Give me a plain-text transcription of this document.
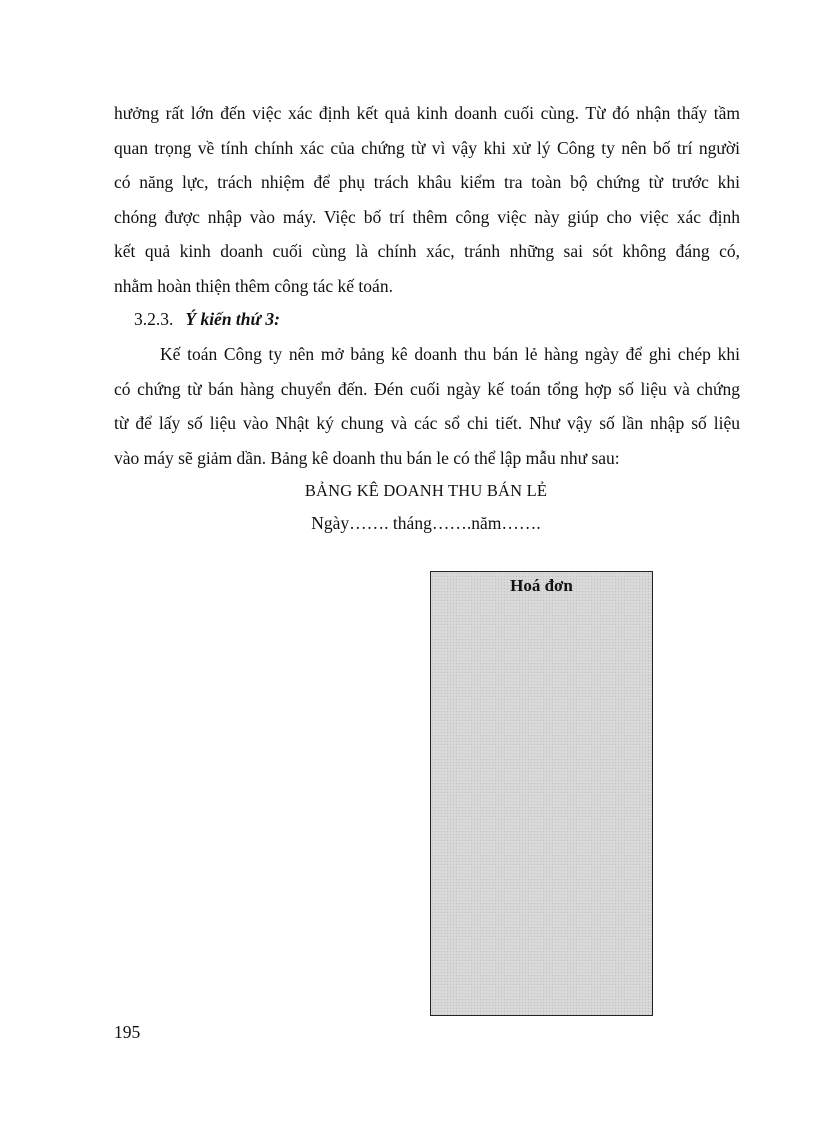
hưởng rất lớn đến việc xác định kết quả kinh doanh cuối cùng. Từ đó nhận thấy tầm
quan trọng về tính chính xác của chứng từ vì vậy khi xử lý Công ty nên bố trí người
có năng lực, trách nhiệm để phụ trách khâu kiểm tra toàn bộ chứng từ trước khi
chóng được nhập vào máy. Việc bố trí thêm công việc này giúp cho việc xác định
kết quả kinh doanh cuối cùng là chính xác, tránh những sai sót không đáng có,
nhằm hoàn thiện thêm công tác kế toán.
3.2.3. Ý kiến thứ 3:
Kế toán Công ty nên mở bảng kê doanh thu bán lẻ hàng ngày để ghi chép khi
có chứng từ bán hàng chuyển đến. Đén cuối ngày kế toán tổng hợp số liệu và chứng
từ để lấy số liệu vào Nhật ký chung và các sổ chi tiết. Như vậy số lần nhập số liệu
vào máy sẽ giảm dần. Bảng kê doanh thu bán le có thể lập mẫu như sau:
BẢNG KÊ DOANH THU BÁN LẺ
Ngày……. tháng…….năm…….
Hoá đơn
195
